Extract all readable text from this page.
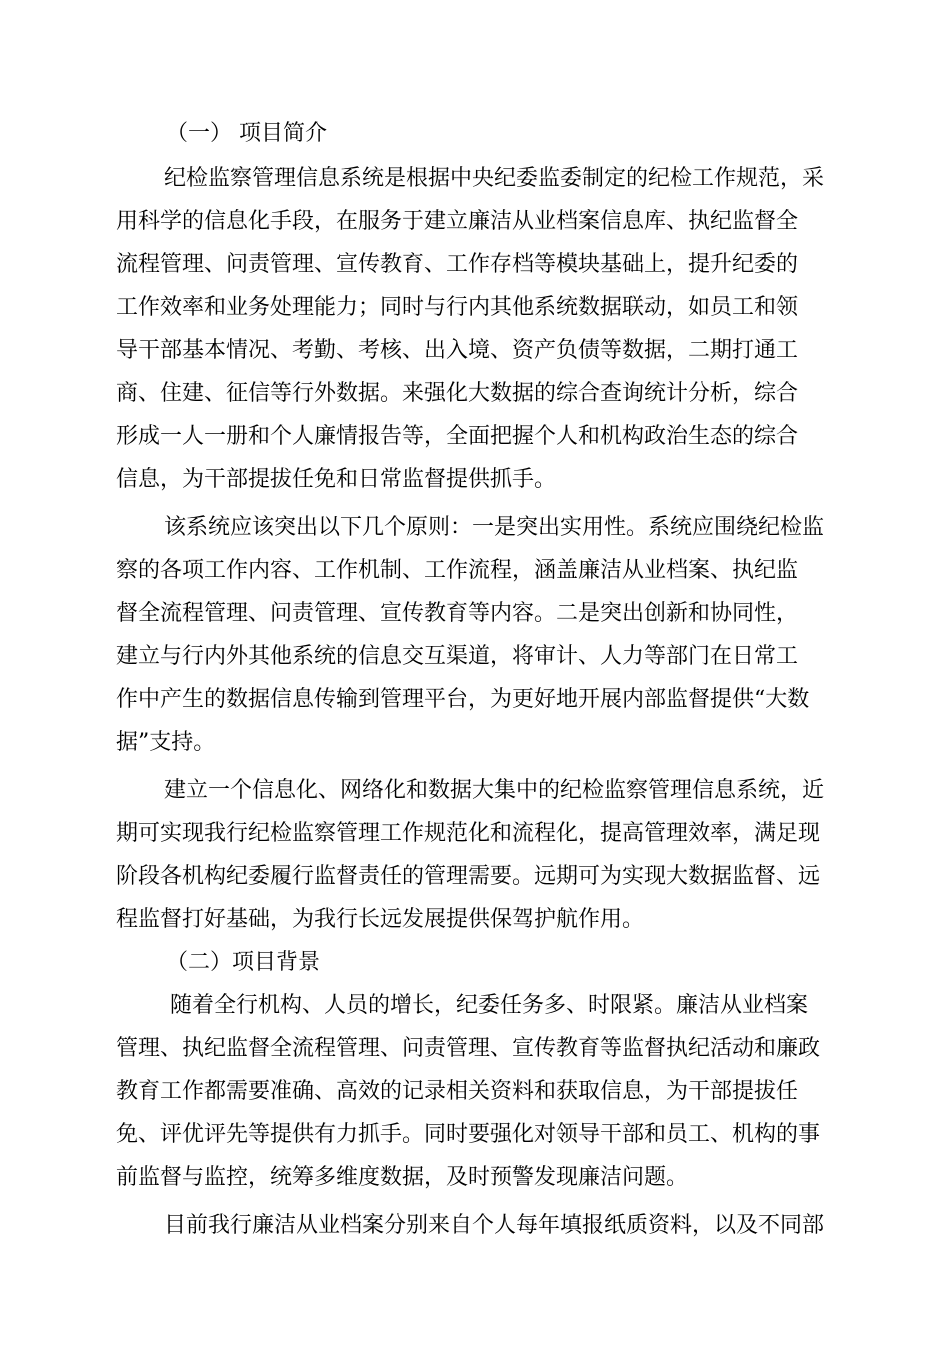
（一） 项目简介
纪检监察管理信息系统是根据中央纪委监委制定的纪检工作规范，采
用科学的信息化手段，在服务于建立廉洁从业档案信息库、执纪监督全
流程管理、问责管理、宣传教育、工作存档等模块基础上，提升纪委的
工作效率和业务处理能力；同时与行内其他系统数据联动，如员工和领
导干部基本情况、考勤、考核、出入境、资产负债等数据，二期打通工
商、住建、征信等行外数据。来强化大数据的综合查询统计分析，综合
形成一人一册和个人廉情报告等，全面把握个人和机构政治生态的综合
信息，为干部提拔任免和日常监督提供抓手。
该系统应该突出以下几个原则：一是突出实用性。系统应围绕纪检监
察的各项工作内容、工作机制、工作流程，涵盖廉洁从业档案、执纪监
督全流程管理、问责管理、宣传教育等内容。二是突出创新和协同性，
建立与行内外其他系统的信息交互渠道，将审计、人力等部门在日常工
作中产生的数据信息传输到管理平台，为更好地开展内部监督提供“大数
据”支持。
建立一个信息化、网络化和数据大集中的纪检监察管理信息系统，近
期可实现我行纪检监察管理工作规范化和流程化，提高管理效率，满足现
阶段各机构纪委履行监督责任的管理需要。远期可为实现大数据监督、远
程监督打好基础，为我行长远发展提供保驾护航作用。
（二）项目背景
随着全行机构、人员的增长，纪委任务多、时限紧。廉洁从业档案
管理、执纪监督全流程管理、问责管理、宣传教育等监督执纪活动和廉政
教育工作都需要准确、高效的记录相关资料和获取信息，为干部提拔任
免、评优评先等提供有力抓手。同时要强化对领导干部和员工、机构的事
前监督与监控，统筹多维度数据，及时预警发现廉洁问题。
目前我行廉洁从业档案分别来自个人每年填报纸质资料，以及不同部
